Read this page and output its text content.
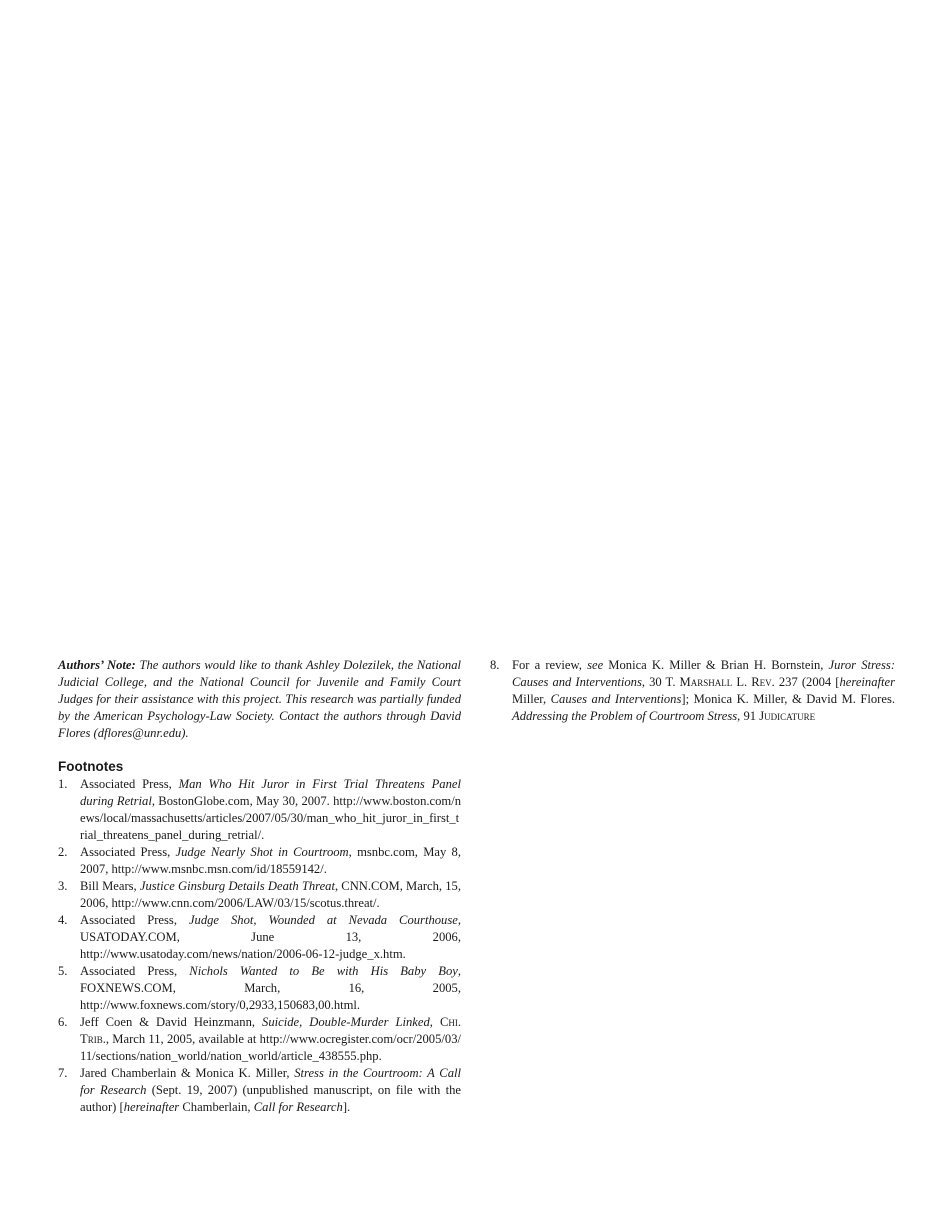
Authors’ Note: The authors would like to thank Ashley Dolezilek, the National Judicial College, and the National Council for Juvenile and Family Court Judges for their assistance with this project. This research was partially funded by the American Psychology-Law Society. Contact the authors through David Flores (dflores@unr.edu).

Footnotes
1. Associated Press, Man Who Hit Juror in First Trial Threatens Panel during Retrial, BostonGlobe.com, May 30, 2007. http://www.boston.com/news/local/massachusetts/articles/2007/05/30/man_who_hit_juror_in_first_trial_threatens_panel_during_retrial/.
2. Associated Press, Judge Nearly Shot in Courtroom, msnbc.com, May 8, 2007, http://www.msnbc.msn.com/id/18559142/.
3. Bill Mears, Justice Ginsburg Details Death Threat, CNN.COM, March, 15, 2006, http://www.cnn.com/2006/LAW/03/15/scotus.threat/.
4. Associated Press, Judge Shot, Wounded at Nevada Courthouse, USATODAY.COM, June 13, 2006, http://www.usatoday.com/news/nation/2006-06-12-judge_x.htm.
5. Associated Press, Nichols Wanted to Be with His Baby Boy, FOXNEWS.COM, March, 16, 2005, http://www.foxnews.com/story/0,2933,150683,00.html.
6. Jeff Coen & David Heinzmann, Suicide, Double-Murder Linked, Chi. Trib., March 11, 2005, available at http://www.ocregister.com/ocr/2005/03/11/sections/nation_world/nation_world/article_438555.php.
7. Jared Chamberlain & Monica K. Miller, Stress in the Courtroom: A Call for Research (Sept. 19, 2007) (unpublished manuscript, on file with the author) [hereinafter Chamberlain, Call for Research].
8. For a review, see Monica K. Miller & Brian H. Bornstein, Juror Stress: Causes and Interventions, 30 T. Marshall L. Rev. 237 (2004 [hereinafter Miller, Causes and Interventions]; Monica K. Miller, & David M. Flores. Addressing the Problem of Courtroom Stress, 91 Judicature
